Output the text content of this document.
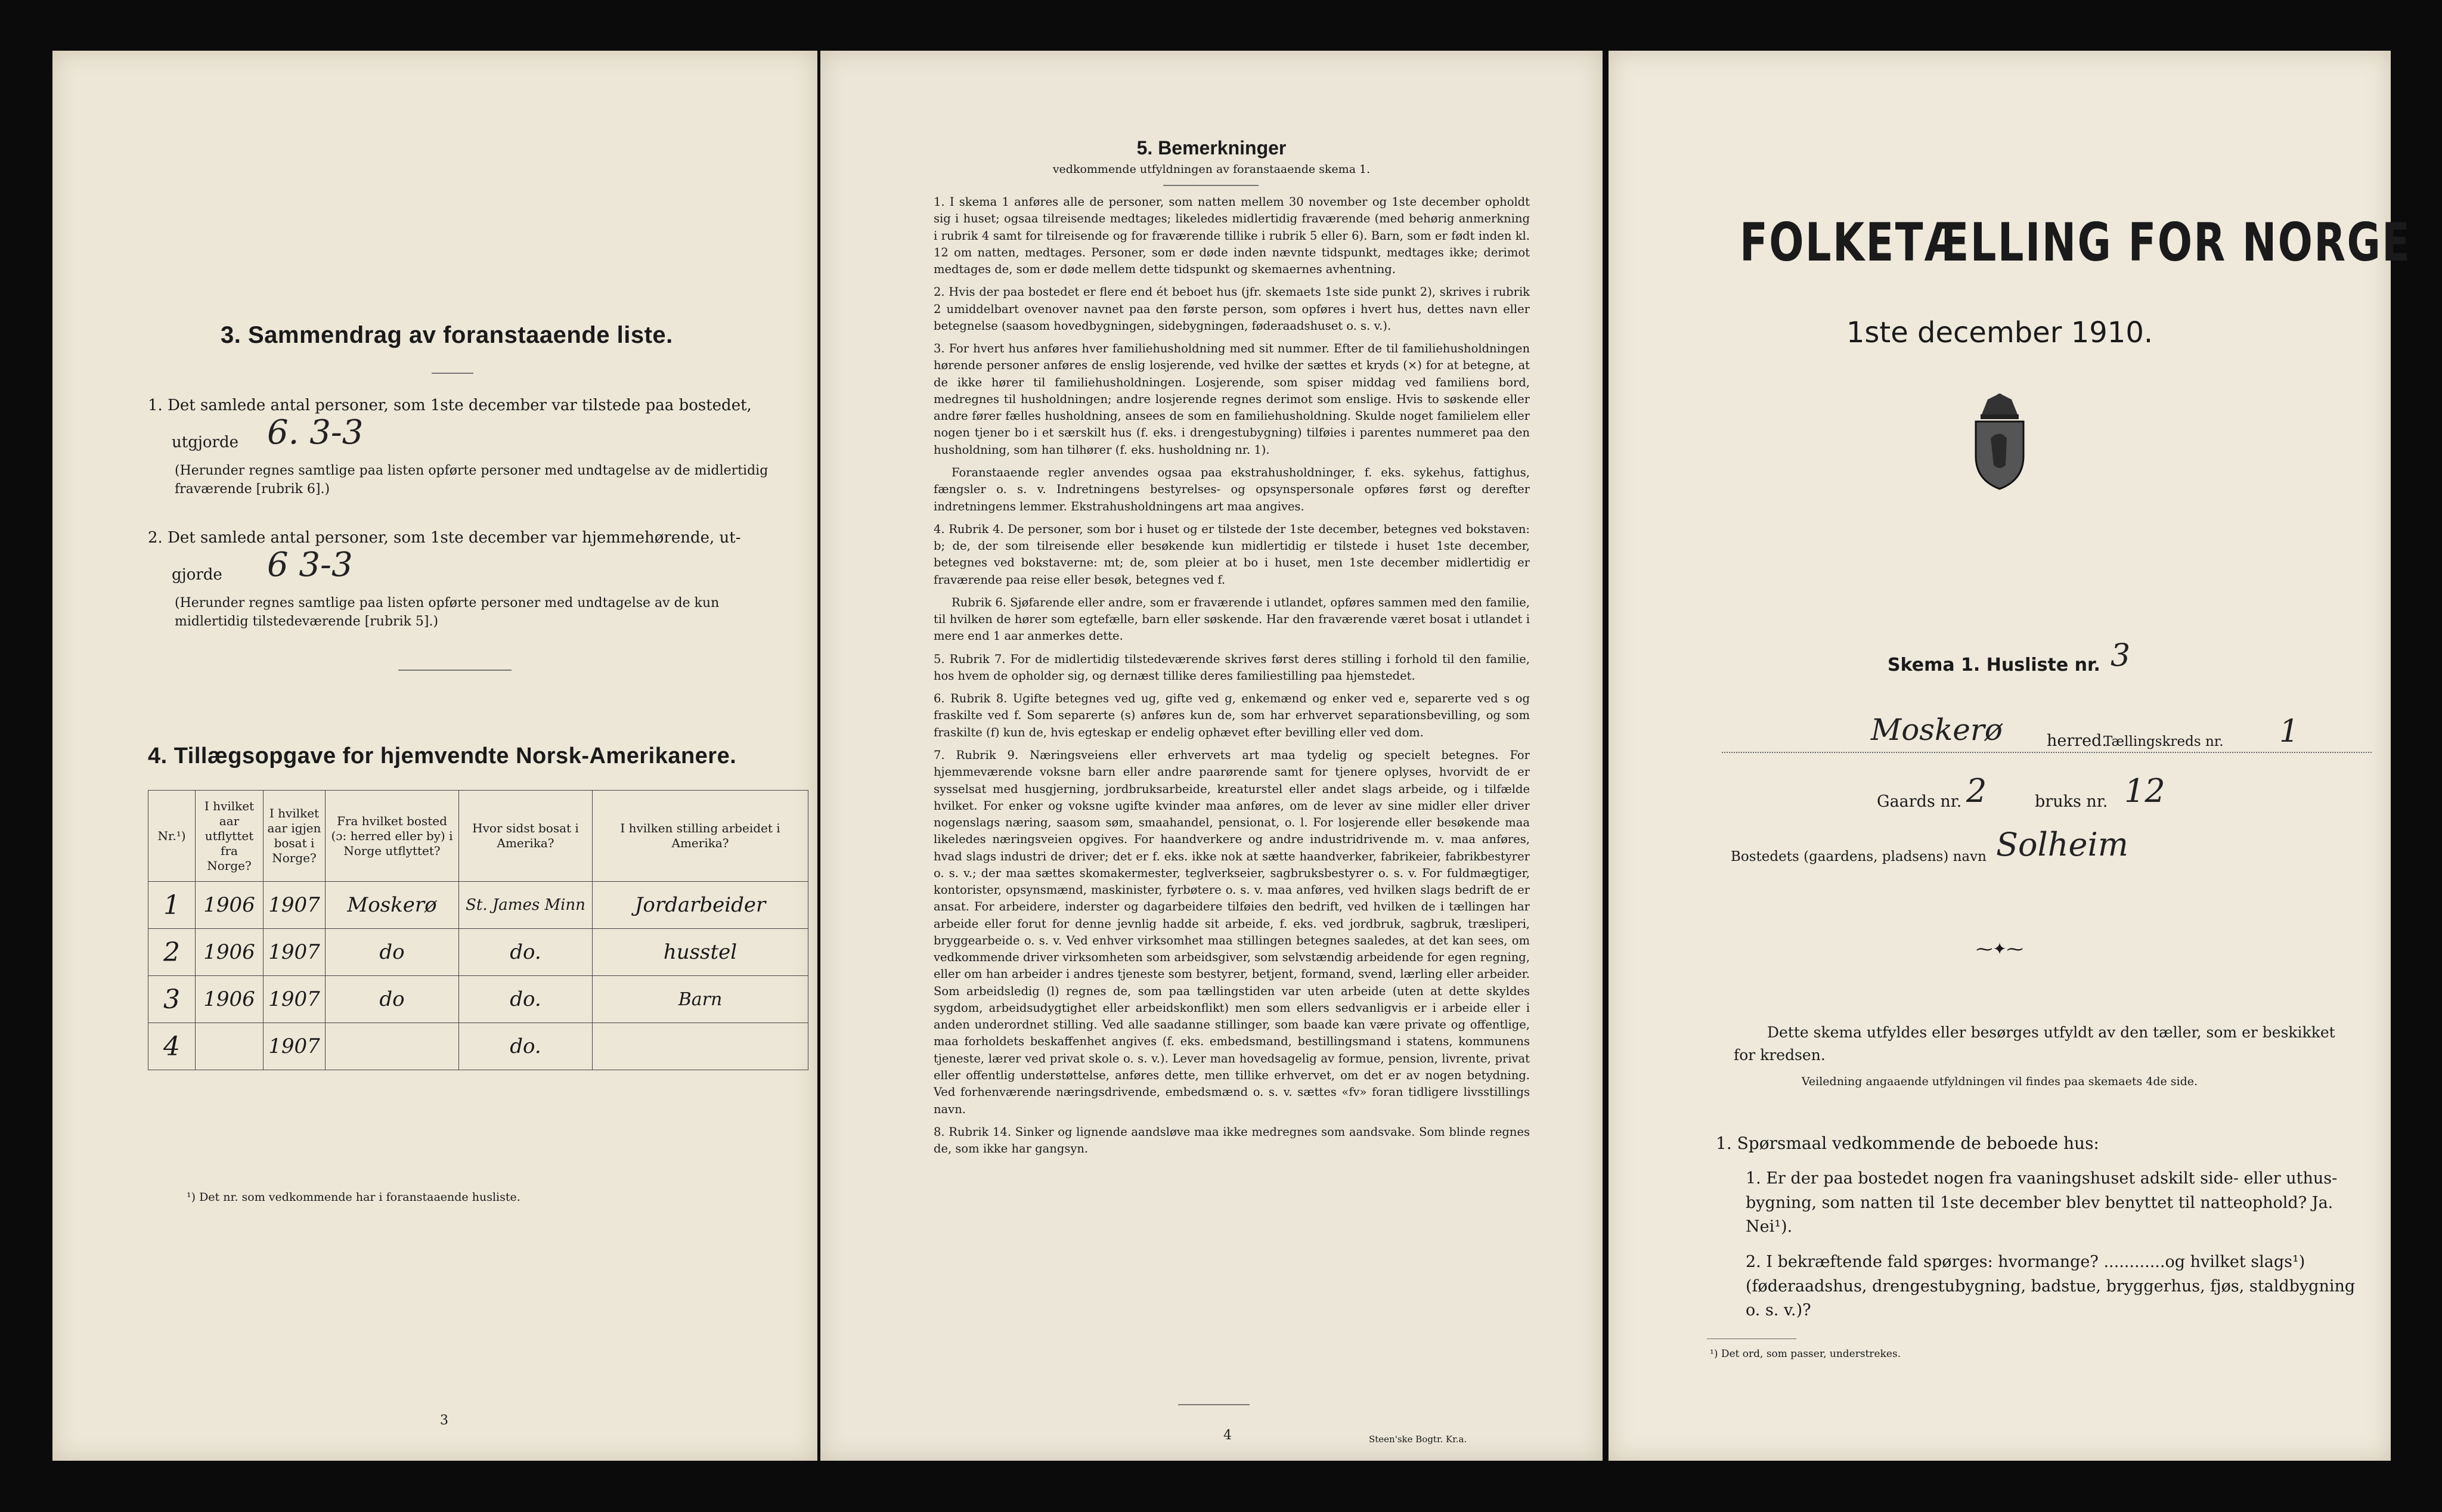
3. Sammendrag av foranstaaende liste.
1. Det samlede antal personer, som 1ste december var tilstede paa bostedet,
utgjorde 6. 3-3
(Herunder regnes samtlige paa listen opførte personer med undtagelse av de midlertidig fraværende [rubrik 6].)
2. Det samlede antal personer, som 1ste december var hjemmehørende, ut-
gjorde 6 3-3
(Herunder regnes samtlige paa listen opførte personer med undtagelse av de kun midlertidig tilstedeværende [rubrik 5].)
4. Tillægsopgave for hjemvendte Norsk-Amerikanere.
Nr.¹)	I hvilket aar utflyttet fra Norge?	I hvilket aar igjen bosat i Norge?	Fra hvilket bosted (ɔ: herred eller by) i Norge utflyttet?	Hvor sidst bosat i Amerika?	I hvilken stilling arbeidet i Amerika?
1	1906	1907	Moskerø	St. James Minn	Jordarbeider
2	1906	1907	do	do.	husstel
3	1906	1907	do	do.	Barn
4		1907		do.	
¹) Det nr. som vedkommende har i foranstaaende husliste.
3
5. Bemerkninger
vedkommende utfyldningen av foranstaaende skema 1.

1. I skema 1 anføres alle de personer, som natten mellem 30 november og 1ste december opholdt sig i huset; ogsaa tilreisende medtages; likeledes midlertidig fraværende (med behørig anmerkning i rubrik 4 samt for tilreisende og for fraværende tillike i rubrik 5 eller 6). Barn, som er født inden kl. 12 om natten, medtages. Personer, som er døde inden nævnte tidspunkt, medtages ikke; derimot medtages de, som er døde mellem dette tidspunkt og skemaernes avhentning.

2. Hvis der paa bostedet er flere end ét beboet hus (jfr. skemaets 1ste side punkt 2), skrives i rubrik 2 umiddelbart ovenover navnet paa den første person, som opføres i hvert hus, dettes navn eller betegnelse (saasom hovedbygningen, sidebygningen, føderaadshuset o. s. v.).

3. For hvert hus anføres hver familiehusholdning med sit nummer. Efter de til familiehusholdningen hørende personer anføres de enslig losjerende, ved hvilke der sættes et kryds (×) for at betegne, at de ikke hører til familiehusholdningen. Losjerende, som spiser middag ved familiens bord, medregnes til husholdningen; andre losjerende regnes derimot som enslige. Hvis to søskende eller andre fører fælles husholdning, ansees de som en familiehusholdning. Skulde noget familielem eller nogen tjener bo i et særskilt hus (f. eks. i drengestubygning) tilføies i parentes nummeret paa den husholdning, som han tilhører (f. eks. husholdning nr. 1).

Foranstaaende regler anvendes ogsaa paa ekstrahusholdninger, f. eks. sykehus, fattighus, fængsler o. s. v. Indretningens bestyrelses- og opsynspersonale opføres først og derefter indretningens lemmer. Ekstrahusholdningens art maa angives.

4. Rubrik 4. De personer, som bor i huset og er tilstede der 1ste december, betegnes ved bokstaven: b; de, der som tilreisende eller besøkende kun midlertidig er tilstede i huset 1ste december, betegnes ved bokstaverne: mt; de, som pleier at bo i huset, men 1ste december midlertidig er fraværende paa reise eller besøk, betegnes ved f.

Rubrik 6. Sjøfarende eller andre, som er fraværende i utlandet, opføres sammen med den familie, til hvilken de hører som egtefælle, barn eller søskende. Har den fraværende været bosat i utlandet i mere end 1 aar anmerkes dette.

5. Rubrik 7. For de midlertidig tilstedeværende skrives først deres stilling i forhold til den familie, hos hvem de opholder sig, og dernæst tillike deres familiestilling paa hjemstedet.

6. Rubrik 8. Ugifte betegnes ved ug, gifte ved g, enkemænd og enker ved e, separerte ved s og fraskilte ved f. Som separerte (s) anføres kun de, som har erhvervet separationsbevilling, og som fraskilte (f) kun de, hvis egteskap er endelig ophævet efter bevilling eller ved dom.

7. Rubrik 9. Næringsveiens eller erhvervets art maa tydelig og specielt betegnes. For hjemmeværende voksne barn eller andre paarørende samt for tjenere oplyses, hvorvidt de er sysselsat med husgjerning, jordbruksarbeide, kreaturstel eller andet slags arbeide, og i tilfælde hvilket. For enker og voksne ugifte kvinder maa anføres, om de lever av sine midler eller driver nogenslags næring, saasom søm, smaahandel, pensionat, o. l. For losjerende eller besøkende maa likeledes næringsveien opgives. For haandverkere og andre industridrivende m. v. maa anføres, hvad slags industri de driver; det er f. eks. ikke nok at sætte haandverker, fabrikeier, fabrikbestyrer o. s. v.; der maa sættes skomakermester, teglverkseier, sagbruksbestyrer o. s. v. For fuldmægtiger, kontorister, opsynsmænd, maskinister, fyrbøtere o. s. v. maa anføres, ved hvilken slags bedrift de er ansat. For arbeidere, inderster og dagarbeidere tilføies den bedrift, ved hvilken de i tællingen har arbeide eller forut for denne jevnlig hadde sit arbeide, f. eks. ved jordbruk, sagbruk, træsliperi, bryggearbeide o. s. v. Ved enhver virksomhet maa stillingen betegnes saaledes, at det kan sees, om vedkommende driver virksomheten som arbeidsgiver, som selvstændig arbeidende for egen regning, eller om han arbeider i andres tjeneste som bestyrer, betjent, formand, svend, lærling eller arbeider. Som arbeidsledig (l) regnes de, som paa tællingstiden var uten arbeide (uten at dette skyldes sygdom, arbeidsudygtighet eller arbeidskonflikt) men som ellers sedvanligvis er i arbeide eller i anden underordnet stilling. Ved alle saadanne stillinger, som baade kan være private og offentlige, maa forholdets beskaffenhet angives (f. eks. embedsmand, bestillingsmand i statens, kommunens tjeneste, lærer ved privat skole o. s. v.). Lever man hovedsagelig av formue, pension, livrente, privat eller offentlig understøttelse, anføres dette, men tillike erhvervet, om det er av nogen betydning. Ved forhenværende næringsdrivende, embedsmænd o. s. v. sættes «fv» foran tidligere livsstillings navn.

8. Rubrik 14. Sinker og lignende aandsløve maa ikke medregnes som aandsvake. Som blinde regnes de, som ikke har gangsyn.

4	Steen'ske Bogtr. Kr.a.
FOLKETÆLLING FOR NORGE
1ste december 1910.
Skema 1. Husliste nr. 3
Moskerø	herred.
Tællingskreds nr. 1
Gaards nr. 2	bruks nr. 12
Bostedets (gaardens, pladsens) navn Solheim
⁓✦⁓
Dette skema utfyldes eller besørges utfyldt av den tæller, som er beskikket for kredsen.
Veiledning angaaende utfyldningen vil findes paa skemaets 4de side.
1. Spørsmaal vedkommende de beboede hus:
1. Er der paa bostedet nogen fra vaaningshuset adskilt side- eller uthus-bygning, som natten til 1ste december blev benyttet til natteophold? Ja. Nei¹).
2. I bekræftende fald spørges: hvormange? ............og hvilket slags¹) (føderaadshus, drengestubygning, badstue, bryggerhus, fjøs, staldbygning o. s. v.)?
¹) Det ord, som passer, understrekes.
